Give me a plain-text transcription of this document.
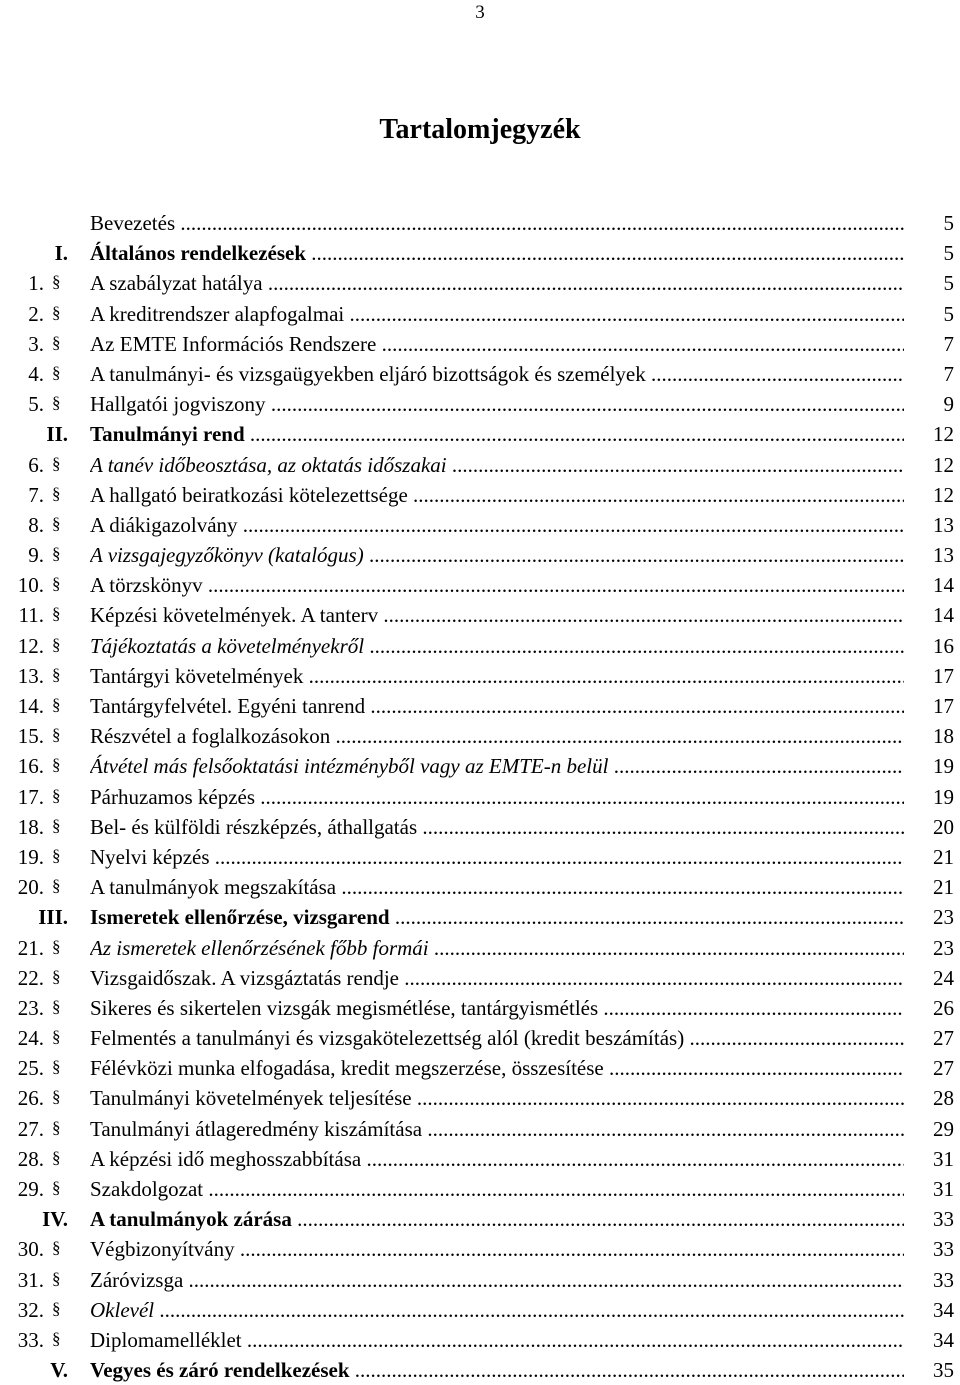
3
Tartalomjegyzék
Bevezetés .....	5
I. Általános rendelkezések .....	5
1. § A szabályzat hatálya .....	5
2. § A kreditrendszer alapfogalmai .....	5
3. § Az EMTE Információs Rendszere .....	7
4. § A tanulmányi- és vizsgaügyekben eljáró bizottságok és személyek .....	7
5. § Hallgatói jogviszony .....	9
II. Tanulmányi rend .....	12
6. § A tanév időbeosztása, az oktatás időszakai .....	12
7. § A hallgató beiratkozási kötelezettsége .....	12
8. § A diákigazolvány .....	13
9. § A vizsgajegyzőkönyv (katalógus) .....	13
10. § A törzskönyv .....	14
11. § Képzési követelmények. A tanterv .....	14
12. § Tájékoztatás a követelményekről .....	16
13. § Tantárgyi követelmények .....	17
14. § Tantárgyfelvétel. Egyéni tanrend .....	17
15. § Részvétel a foglalkozásokon .....	18
16. § Átvétel más felsőoktatási intézményből vagy az EMTE-n belül .....	19
17. § Párhuzamos képzés .....	19
18. § Bel- és külföldi részképzés, áthallgatás .....	20
19. § Nyelvi képzés .....	21
20. § A tanulmányok megszakítása .....	21
III. Ismeretek ellenőrzése, vizsgarend .....	23
21. § Az ismeretek ellenőrzésének főbb formái .....	23
22. § Vizsgaidőszak. A vizsgáztatás rendje .....	24
23. § Sikeres és sikertelen vizsgák megismétlése, tantárgyismétlés .....	26
24. § Felmentés a tanulmányi és vizsgakötelezettség alól (kredit beszámítás) .....	27
25. § Félévközi munka elfogadása, kredit megszerzése, összesítése .....	27
26. § Tanulmányi követelmények teljesítése .....	28
27. § Tanulmányi átlageredmény kiszámítása .....	29
28. § A képzési idő meghosszabbítása .....	31
29. § Szakdolgozat .....	31
IV. A tanulmányok zárása .....	33
30. § Végbizonyítvány .....	33
31. § Záróvizsga .....	33
32. § Oklevél .....	34
33. § Diplomamelléklet .....	34
V. Vegyes és záró rendelkezések .....	35
